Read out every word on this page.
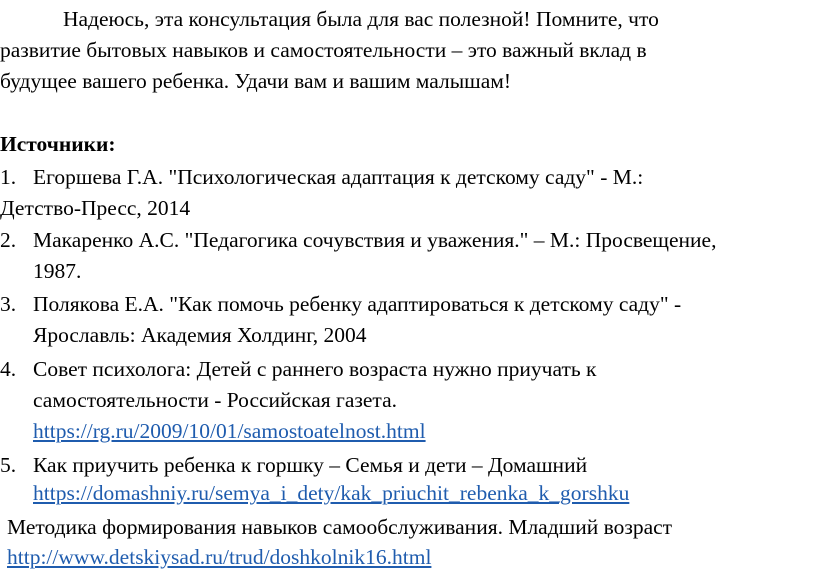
Надеюсь, эта консультация была для вас полезной! Помните, что

развитие бытовых навыков и самостоятельности – это важный вклад в

будущее вашего ребенка. Удачи вам и вашим малышам!

Источники:

1. Егоршева Г.А. "Психологическая адаптация к детскому саду" - М.:

Детство-Пресс, 2014

2. Макаренко А.С. "Педагогика сочувствия и уважения." – М.: Просвещение,

1987.

3. Полякова Е.А. "Как помочь ребенку адаптироваться к детскому саду" -

Ярославль: Академия Холдинг, 2004

4. Совет психолога: Детей с раннего возраста нужно приучать к

самостоятельности - Российская газета.

https://rg.ru/2009/10/01/samostoatelnost.html

5. Как приучить ребенка к горшку – Семья и дети – Домашний

https://domashniy.ru/semya_i_dety/kak_priuchit_rebenka_k_gorshku

Методика формирования навыков самообслуживания. Младший возраст

http://www.detskiysad.ru/trud/doshkolnik16.html
